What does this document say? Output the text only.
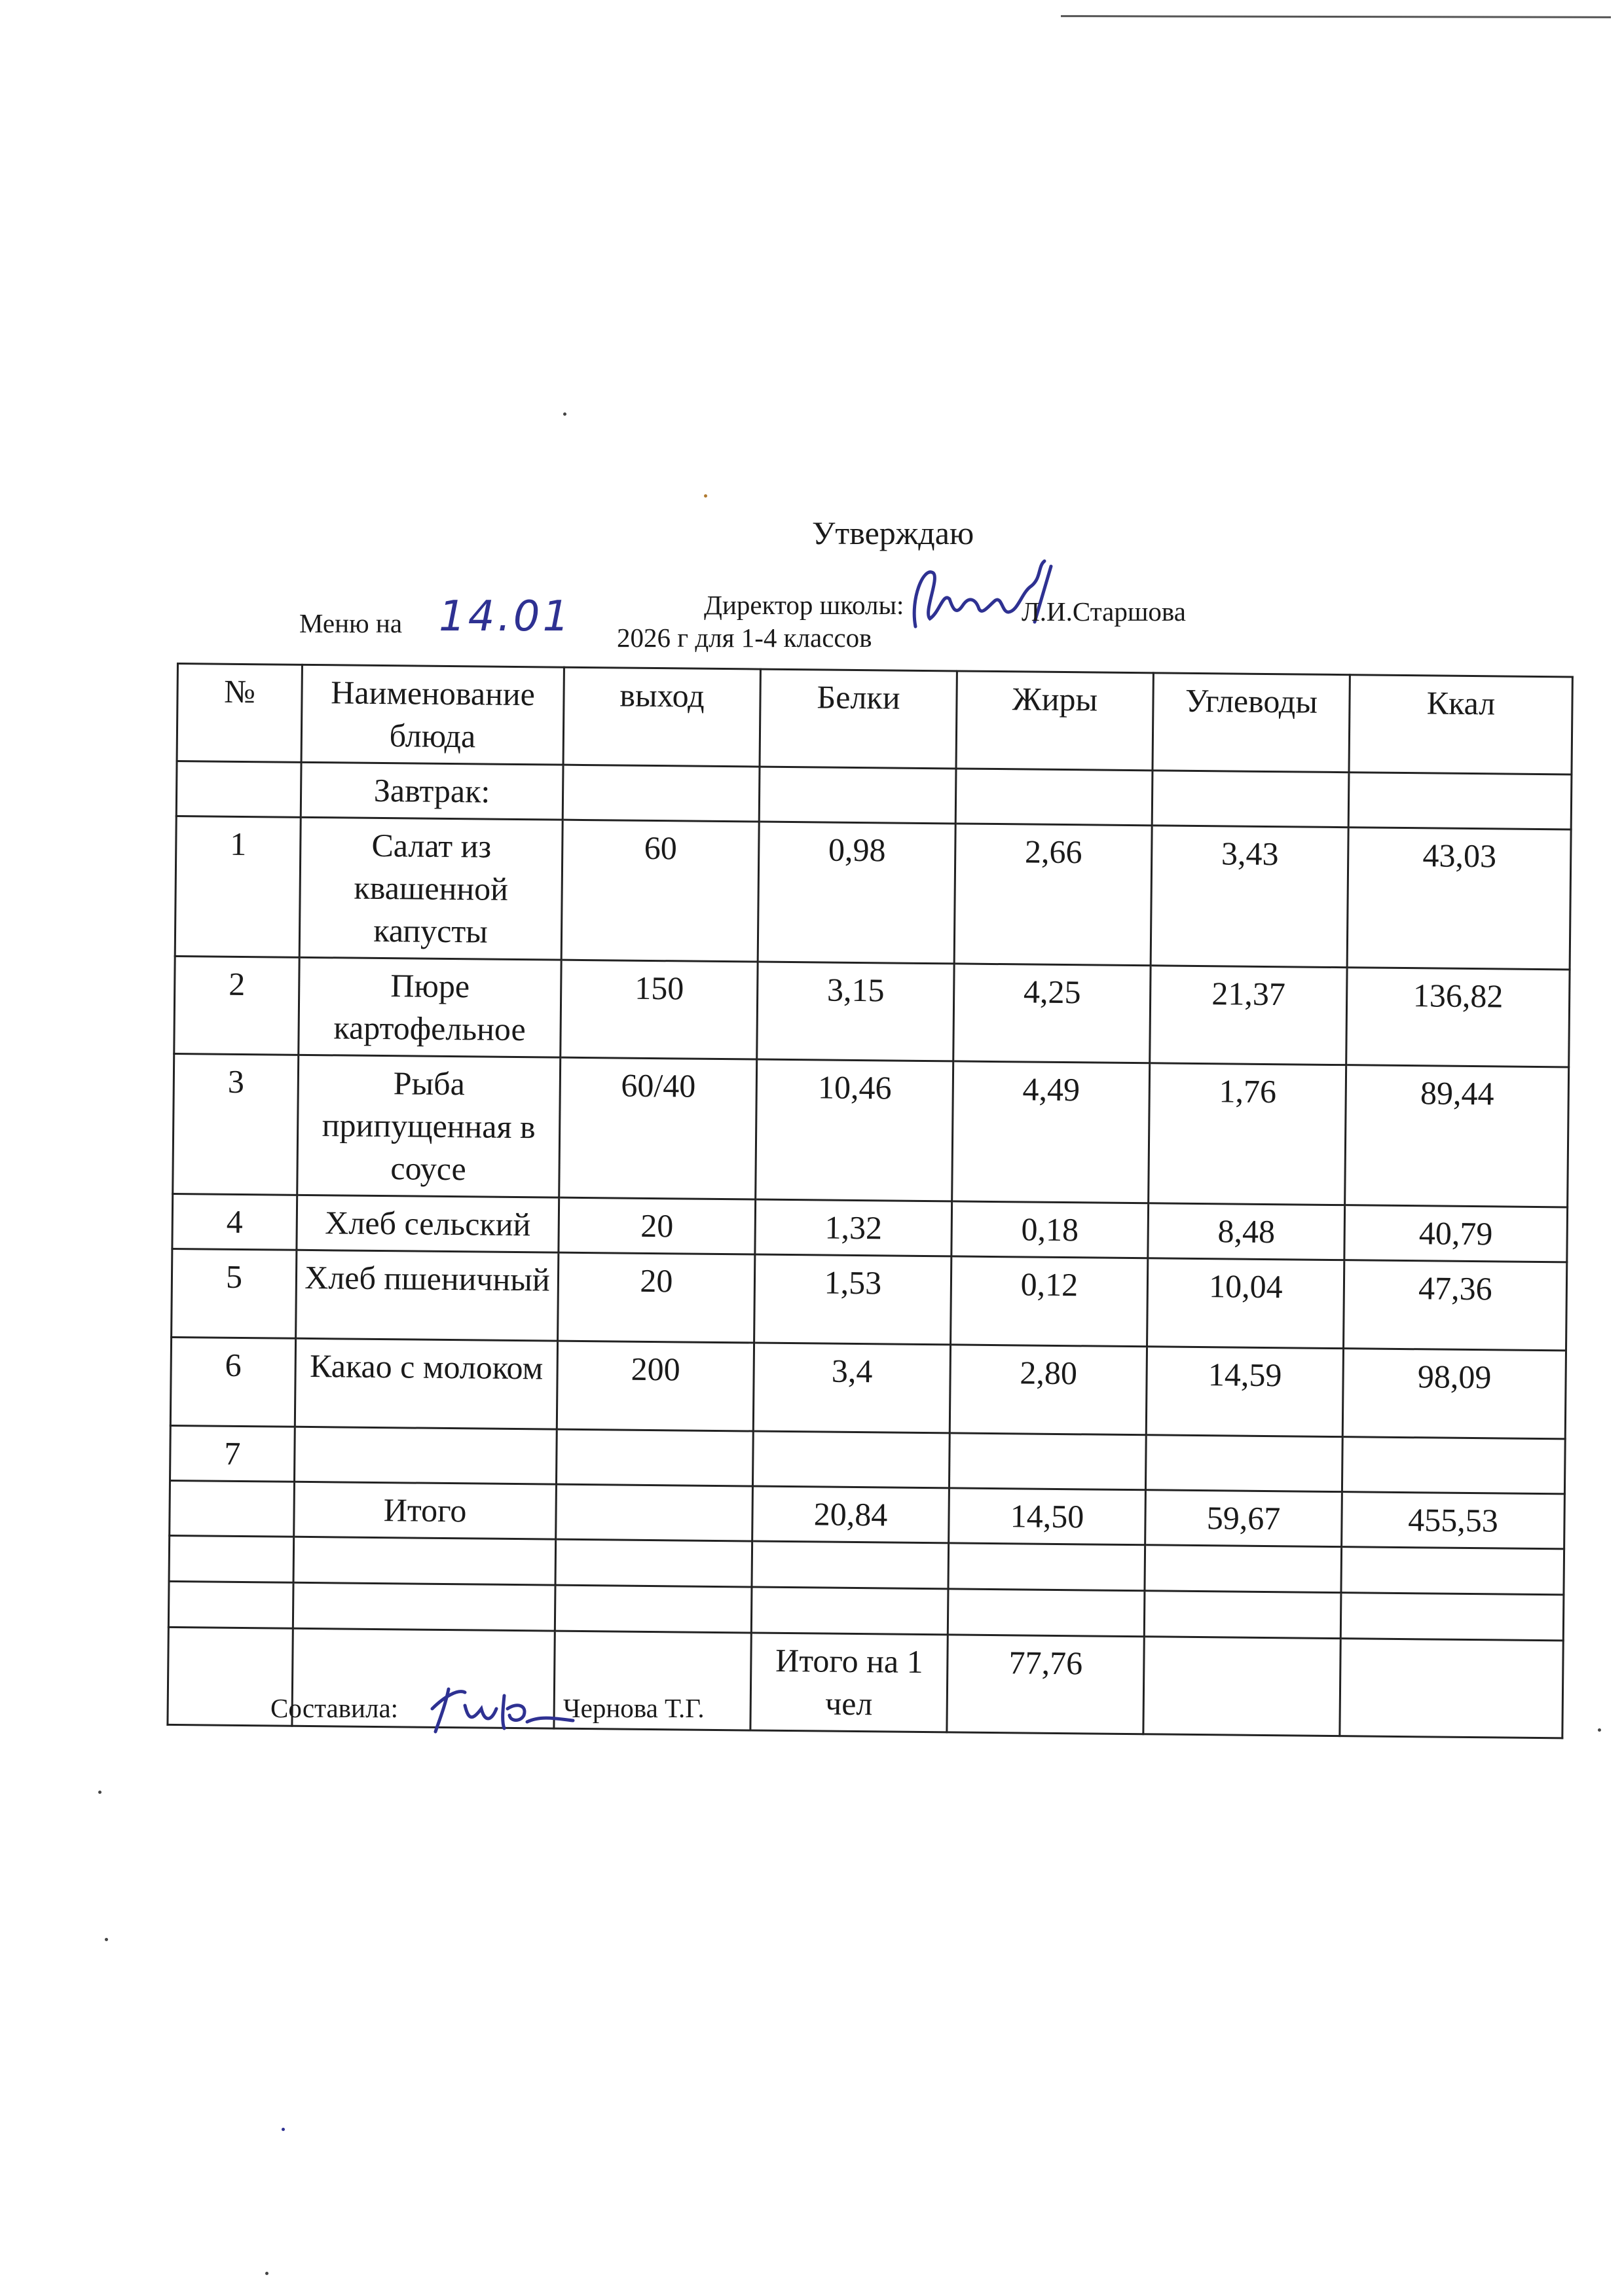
Утверждаю
Директор школы:	Л.И.Старшова
Меню на 14.01 2026 г для 1-4 классов
№	Наименование блюда	выход	Белки	Жиры	Углеводы	Ккал
	Завтрак:					
1	Салат из квашенной капусты	60	0,98	2,66	3,43	43,03
2	Пюре картофельное	150	3,15	4,25	21,37	136,82
3	Рыба припущенная в соусе	60/40	10,46	4,49	1,76	89,44
4	Хлеб сельский	20	1,32	0,18	8,48	40,79
5	Хлеб пшеничный	20	1,53	0,12	10,04	47,36
6	Какао с молоком	200	3,4	2,80	14,59	98,09
7						
	Итого		20,84	14,50	59,67	455,53

			Итого на 1 чел	77,76		
Составила:	Чернова Т.Г.
